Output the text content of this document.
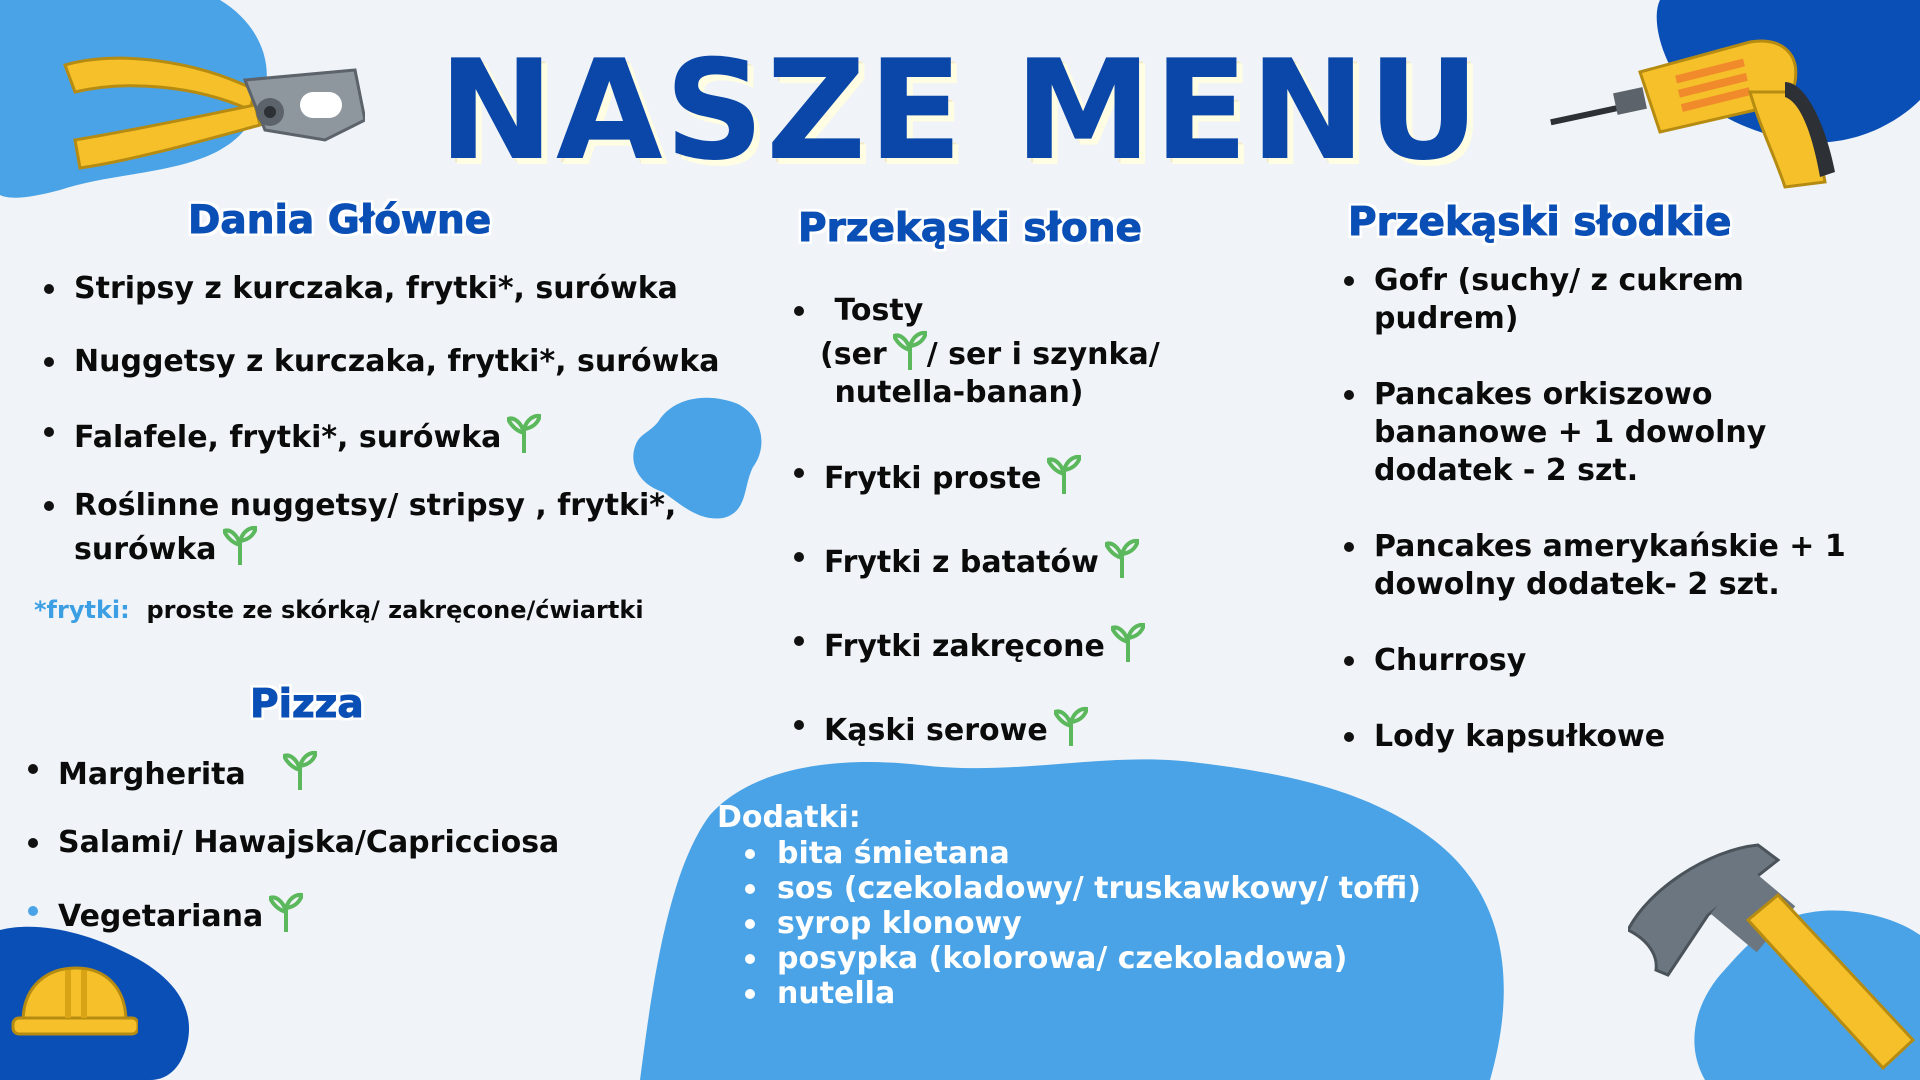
NASZE MENU
Dania Główne
Stripsy z kurczaka, frytki*, surówka
Nuggetsy z kurczaka, frytki*, surówka
Falafele, frytki*, surówka
Roślinne nuggetsy/ stripsy , frytki*,
surówka
*frytki: proste ze skórką/ zakręcone/ćwiartki
Pizza
Margherita
Salami/ Hawajska/Capricciosa
Vegetariana
Przekąski słone
Tosty
(ser / ser i szynka/
nutella-banan)
Frytki proste
Frytki z batatów
Frytki zakręcone
Kąski serowe
Przekąski słodkie
Gofr (suchy/ z cukrem
pudrem)
Pancakes orkiszowo
bananowe + 1 dowolny
dodatek - 2 szt.
Pancakes amerykańskie + 1
dowolny dodatek- 2 szt.
Churrosy
Lody kapsułkowe
Dodatki:
bita śmietana
sos (czekoladowy/ truskawkowy/ toffi)
syrop klonowy
posypka (kolorowa/ czekoladowa)
nutella
